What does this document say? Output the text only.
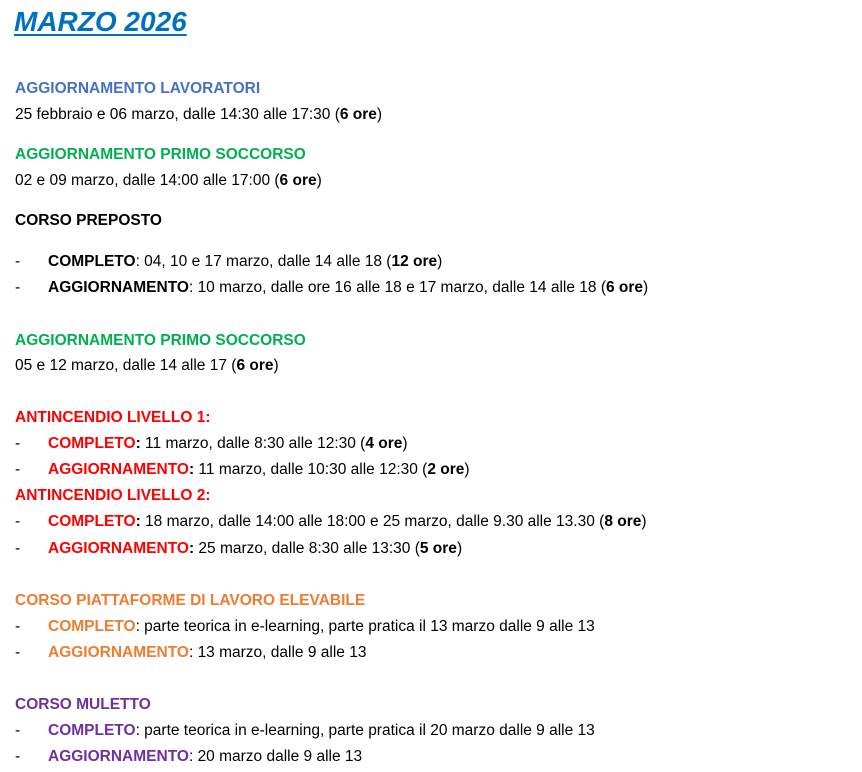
MARZO 2026
AGGIORNAMENTO LAVORATORI
25 febbraio e 06 marzo, dalle 14:30 alle 17:30 (6 ore)
AGGIORNAMENTO PRIMO SOCCORSO
02 e 09 marzo, dalle 14:00 alle 17:00 (6 ore)
CORSO PREPOSTO
- COMPLETO: 04, 10 e 17 marzo, dalle 14 alle 18 (12 ore)
- AGGIORNAMENTO: 10 marzo, dalle ore 16 alle 18 e 17 marzo, dalle 14 alle 18 (6 ore)
AGGIORNAMENTO PRIMO SOCCORSO
05 e 12 marzo, dalle 14 alle 17 (6 ore)
ANTINCENDIO LIVELLO 1:
- COMPLETO: 11 marzo, dalle 8:30 alle 12:30 (4 ore)
- AGGIORNAMENTO: 11 marzo, dalle 10:30 alle 12:30 (2 ore)
ANTINCENDIO LIVELLO 2:
- COMPLETO: 18 marzo, dalle 14:00 alle 18:00 e 25 marzo, dalle 9.30 alle 13.30 (8 ore)
- AGGIORNAMENTO: 25 marzo, dalle 8:30 alle 13:30 (5 ore)
CORSO PIATTAFORME DI LAVORO ELEVABILE
- COMPLETO: parte teorica in e-learning, parte pratica il 13 marzo dalle 9 alle 13
- AGGIORNAMENTO: 13 marzo, dalle 9 alle 13
CORSO MULETTO
- COMPLETO: parte teorica in e-learning, parte pratica il 20 marzo dalle 9 alle 13
- AGGIORNAMENTO: 20 marzo dalle 9 alle 13
